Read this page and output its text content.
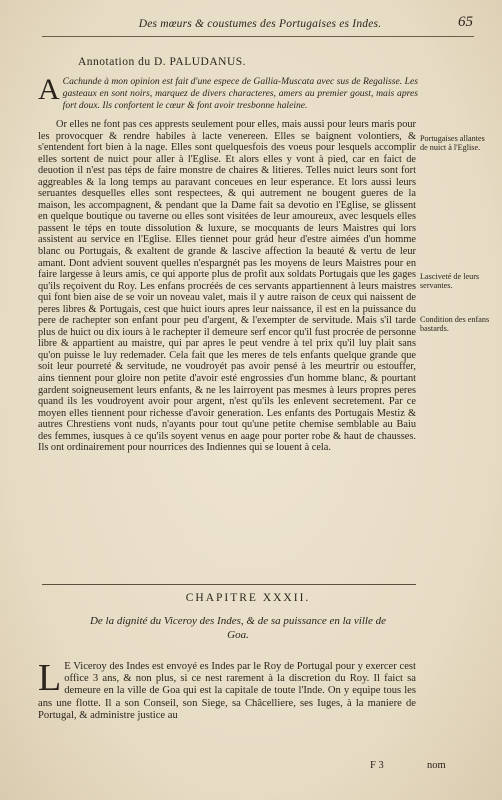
Des mœurs & coustumes des Portugaises es Indes.	65
Annotation du D. PALUDANUS.
A Cachunde à mon opinion est fait d'une espece de Gallia-Muscata avec sus de Regalisse. Les gasteaux en sont noirs, marquez de divers characteres, amers au premier goust, mais apres fort doux. Ils confortent le cœur & font avoir tresbonne haleine.
Or elles ne font pas ces apprests seulement pour elles, mais aussi pour leurs maris pour les provocquer & rendre habiles à lacte venereen. Elles se baignent volontiers, & s'entendent fort bien à la nage. Elles sont quelquesfois des voeus pour lesquels accomplir elles sortent de nuict pour aller à l'Eglise. Et alors elles y vont à pied, car en faict de deuotion il n'est pas téps de faire monstre de chaires & litieres. Telles nuict leurs sont fort aggreables & la long temps au paravant conceues en leur esperance. Et lors aussi leurs seruantes desquelles elles sont respectees, & qui autrement ne bougent gueres de la maison, les accompagnent, & pendant que la Dame fait sa devotio en l'Eglise, se glissent en quelque boutique ou taverne ou elles sont visitées de leur amoureux, avec lesquels elles passent le téps en toute dissolution & luxure, se mocquants de leurs Maistres qui lors assistent au service en l'Eglise. Elles tiennet pour grád heur d'estre aimées d'un homme blanc ou Portugais, & exaltent de grande & lascive affection la beauté & vertu de leur amant. Dont advient souvent quelles n'espargnét pas les moyens de leurs Maistres pour en faire largesse à leurs amis, ce qui apporte plus de profit aux soldats Portugais que les gages qu'ils reçoivent du Roy. Les enfans procréés de ces servants appartiennent à leurs maistres qui font bien aise de se voir un noveau valet, mais il y autre raison de ceux qui naissent de peres libres & Portugais, cest que huict iours apres leur naissance, il est en la puissance du pere de rachepter son enfant pour peu d'argent, & l'exempter de servitude. Mais s'il tarde plus de huict ou dix iours à le rachepter il demeure serf encor qu'il fust procrée de personne libre & appartient au maistre, qui par apres le peut vendre à tel prix qu'il luy plait sans qu'on puisse le luy redemader. Cela fait que les meres de tels enfants quelque grande que soit leur pourreté & servitude, ne voudroyét pas avoir pensé à les meurtrir ou estouffer, ains tiennent pour gloire non petite d'avoir esté engrossies d'un homme blanc, & pourtant gardent soigneusement leurs enfants, & ne les lairroyent pas mesmes à leurs propres peres quand ils les voudroyent avoir pour argent, n'est qu'ils les enlevent secretement. Par ce moyen elles tiennent pour richesse d'avoir generation. Les enfants des Portugais Mestiz & autres Chrestiens vont nuds, n'ayants pour tout qu'une petite chemise semblable au Baiu des femmes, iusques à ce qu'ils soyent venus en aage pour porter robe & haut de chausses. Ils ont ordinairement pour nourrices des Indiennes qui se louent à cela.
Portugaises allantes de nuict à l'Eglise.
Lasciveté de leurs servantes.
Condition des enfans bastards.
CHAPITRE XXXII.
De la dignité du Viceroy des Indes, & de sa puissance en la ville de Goa.
L E Viceroy des Indes est envoyé es Indes par le Roy de Portugal pour y exercer cest office 3 ans, & non plus, si ce nest rarement à la discretion du Roy. Il faict sa demeure en la ville de Goa qui est la capitale de toute l'Inde. On y equipe tous les ans une flotte. Il a son Conseil, son Siege, sa Châcelliere, ses Iuges, à la maniere de Portugal, & administre justice au
F 3	nom
